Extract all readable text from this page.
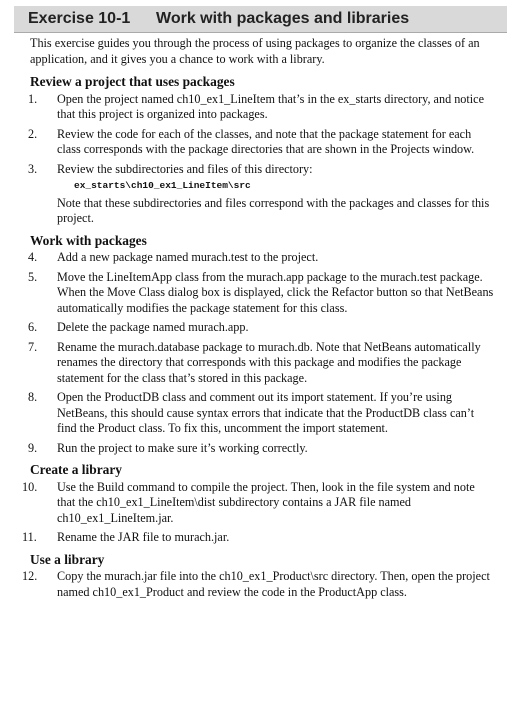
Exercise 10-1	Work with packages and libraries

This exercise guides you through the process of using packages to organize the classes of an application, and it gives you a chance to work with a library.

Review a project that uses packages
1.	Open the project named ch10_ex1_LineItem that’s in the ex_starts directory, and notice that this project is organized into packages.
2.	Review the code for each of the classes, and note that the package statement for each class corresponds with the package directories that are shown in the Projects window.
3.	Review the subdirectories and files of this directory:
ex_starts\ch10_ex1_LineItem\src
Note that these subdirectories and files correspond with the packages and classes for this project.
Work with packages
4.	Add a new package named murach.test to the project.
5.	Move the LineItemApp class from the murach.app package to the murach.test package. When the Move Class dialog box is displayed, click the Refactor button so that NetBeans automatically modifies the package statement for this class.
6.	Delete the package named murach.app.
7.	Rename the murach.database package to murach.db. Note that NetBeans automatically renames the directory that corresponds with this package and modifies the package statement for the class that’s stored in this package.
8.	Open the ProductDB class and comment out its import statement. If you’re using NetBeans, this should cause syntax errors that indicate that the ProductDB class can’t find the Product class. To fix this, uncomment the import statement.
9.	Run the project to make sure it’s working correctly.
Create a library
10.	Use the Build command to compile the project. Then, look in the file system and note that the ch10_ex1_LineItem\dist subdirectory contains a JAR file named ch10_ex1_LineItem.jar.
11.	Rename the JAR file to murach.jar.
Use a library
12.	Copy the murach.jar file into the ch10_ex1_Product\src directory. Then, open the project named ch10_ex1_Product and review the code in the ProductApp class.
